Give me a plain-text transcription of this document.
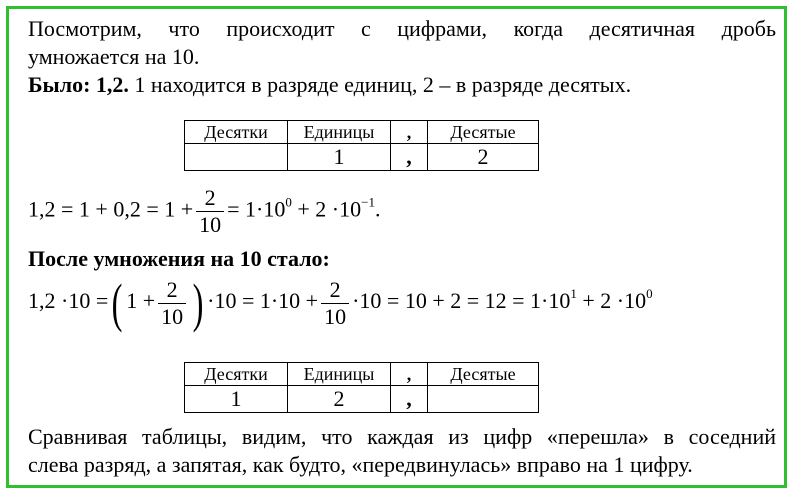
Посмотрим, что происходит с цифрами, когда десятичная дробь
умножается на 10.
Было: 1,2. 1 находится в разряде единиц, 2 – в разряде десятых.
Десятки	Единицы	,	Десятые
	1	,	2
$1,2 = 1 + 0,2 = 1 + \frac{2}{10} = 1\cdot 10^0 + 2 \cdot 10^{-1}$.
После умножения на 10 стало:
1,2 ·10 =( $1 + \frac{2}{10}$ ) $\cdot 10 = 1\cdot 10 + \frac{2}{10} \cdot 10 = 10 + 2 = 12 = 1\cdot 10^1 + 2 \cdot 10^0$
Десятки	Единицы	,	Десятые
1	2	,	
Сравнивая таблицы, видим, что каждая из цифр «перешла» в соседний
слева разряд, а запятая, как будто, «передвинулась» вправо на 1 цифру.
